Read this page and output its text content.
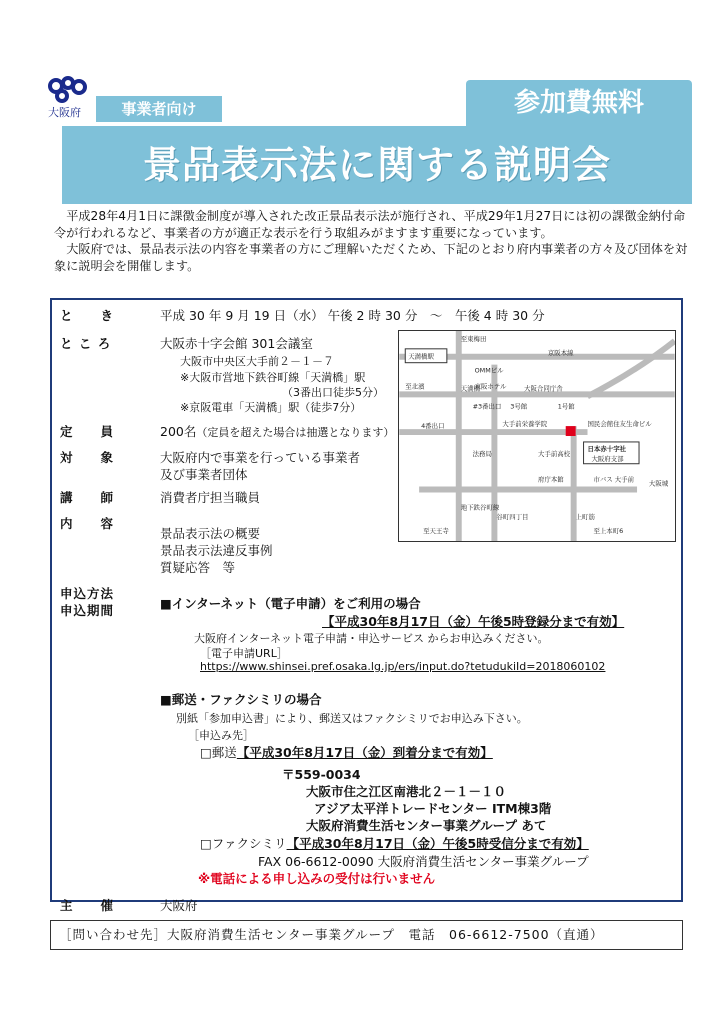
大阪府	事業者向け	参加費無料
景品表示法に関する説明会

平成28年4月1日に課徴金制度が導入された改正景品表示法が施行され、平成29年1月27日には初の課徴金納付命令が行われるなど、事業者の方が適正な表示を行う取組みがますます重要になっています。

大阪府では、景品表示法の内容を事業者の方にご理解いただくため、下記のとおり府内事業者の方々及び団体を対象に説明会を開催します。

と　　き	平成 30 年 9 月 19 日（水） 午後 2 時 30 分　～　午後 4 時 30 分
と こ ろ	大阪赤十字会館 301会議室
大阪市中央区大手前２－１－７
※大阪市営地下鉄谷町線「天満橋」駅
（3番出口徒歩5分）
※京阪電車「天満橋」駅（徒歩7分）
定　　員	200名（定員を超えた場合は抽選となります）
対　　象	大阪府内で事業を行っている事業者
及び事業者団体
講　　師	消費者庁担当職員
内　　容
景品表示法の概要
景品表示法違反事例
質疑応答　等
至東梅田
天満橋駅	京阪本線
OMMビル
京阪ホテル
至北濱
#3番出口 3号館	1号館
大阪合同庁舎
天満橋
4番出口	大手前栄養学院	国民会館住友生命ビル
法務局	大手前高校
日本赤十字社
大阪府支部
府庁本館	市バス 大手前 大阪城
地下鉄谷町線
谷町四丁目	上町筋
至天王寺	至上本町6
申込方法
申込期間	■インターネット（電子申請）をご利用の場合
【平成30年8月17日（金）午後5時登録分まで有効】
大阪府インターネット電子申請・申込サービス からお申込みください。
［電子申請URL］
https://www.shinsei.pref.osaka.lg.jp/ers/input.do?tetudukiId=2018060102
■郵送・ファクシミリの場合
別紙「参加申込書」により、郵送又はファクシミリでお申込み下さい。
［申込み先］
□郵送【平成30年8月17日（金）到着分まで有効】
〒559-0034
大阪市住之江区南港北２－１－１０
アジア太平洋トレードセンター ITM棟3階
大阪府消費生活センター事業グループ あて
□ファクシミリ【平成30年8月17日（金）午後5時受信分まで有効】
FAX 06-6612-0090 大阪府消費生活センター事業グループ
※電話による申し込みの受付は行いません
主　　催	大阪府
［問い合わせ先］大阪府消費生活センター事業グループ　電話　06-6612-7500（直通）
